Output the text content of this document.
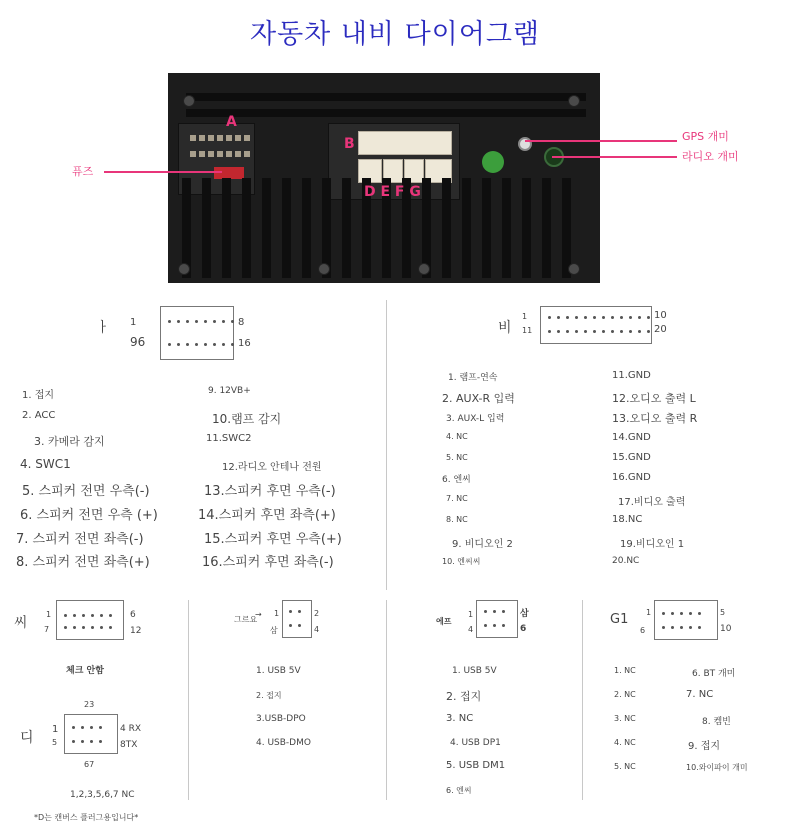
자동차 내비 다이어그램
A
B
D E F G
퓨즈
GPS 개미
라디오 개미
ㅏ 1	8
96	16
1. 접지
2. ACC
3. 카메라 감지
4. SWC1
5. 스피커 전면 우측(-)
6. 스피커 전면 우측 (+)
7. 스피커 전면 좌측(-)
8. 스피커 전면 좌측(+)
9. 12VB+
10.램프 감지
11.SWC2
12.라디오 안테나 전원
13.스피커 후면 우측(-)
14.스피커 후면 좌측(+)
15.스피커 후면 우측(+)
16.스피커 후면 좌측(-)
비
1	10
11	20
1. 램프-연속
2. AUX-R 입력
3. AUX-L 입력
4. NC
5. NC
6. 엔씨
7. NC
8. NC
9. 비디오인 2
10. 엔씨씨
11.GND
12.오디오 출력 L
13.오디오 출력 R
14.GND
15.GND
16.GND
17.비디오 출력
18.NC
19.비디오인 1
20.NC
씨
1
7
6
12
체크 안함
디
23
1
5
4 RX
8TX
67
1,2,3,5,6,7 NC
*D는 캔버스 플러그용입니다*
그르요
→ 1	2
삼	4
1. USB 5V
2. 접지
3.USB-DPO
4. USB-DMO
에프
1	삼
4	6
1. USB 5V
2. 접지
3. NC
4. USB DP1
5. USB DM1
6. 엔씨
G1 1	5
6	10
1. NC
2. NC
3. NC
4. NC
5. NC
6. BT 개미
7. NC
8. 켐빈
9. 접지
10.와이파이 개미
